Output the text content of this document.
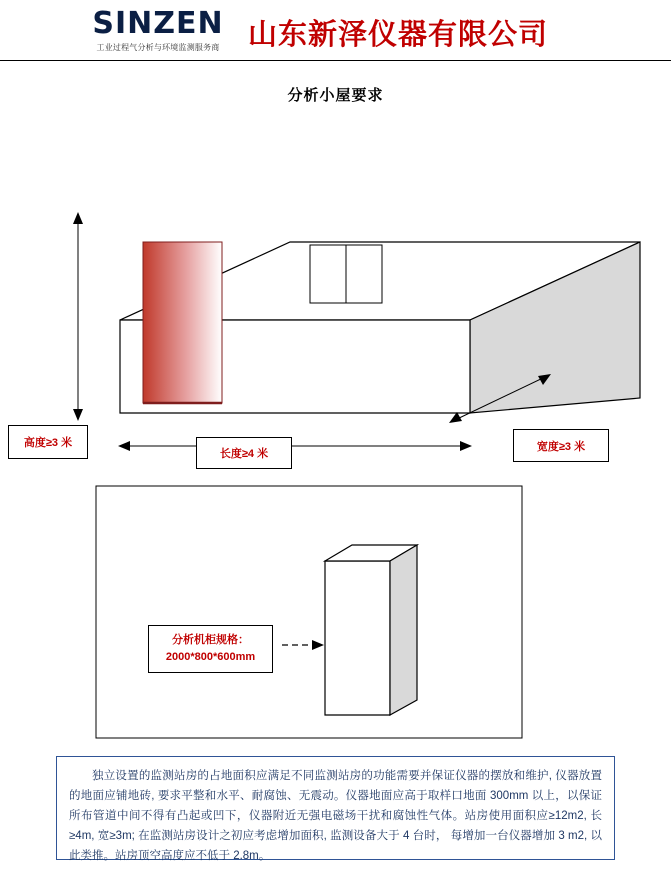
SINZEN
工业过程气分析与环境监测服务商 山东新泽仪器有限公司
分析小屋要求
高度≥3 米
长度≥4 米
宽度≥3 米
分析机柜规格：
2000*800*600mm

独立设置的监测站房的占地面积应满足不同监测站房的功能需要并保证仪器的摆放和维护, 仪器放置的地面应铺地砖, 要求平整和水平、耐腐蚀、无震动。仪器地面应高于取样口地面 300mm 以上，以保证所布管道中间不得有凸起或凹下，仪器附近无强电磁场干扰和腐蚀性气体。站房使用面积应≥12m2, 长≥4m, 宽≥3m; 在监测站房设计之初应考虑增加面积, 监测设备大于 4 台时， 每增加一台仪器增加 3 m2, 以此类推。站房顶空高度应不低于 2.8m。
